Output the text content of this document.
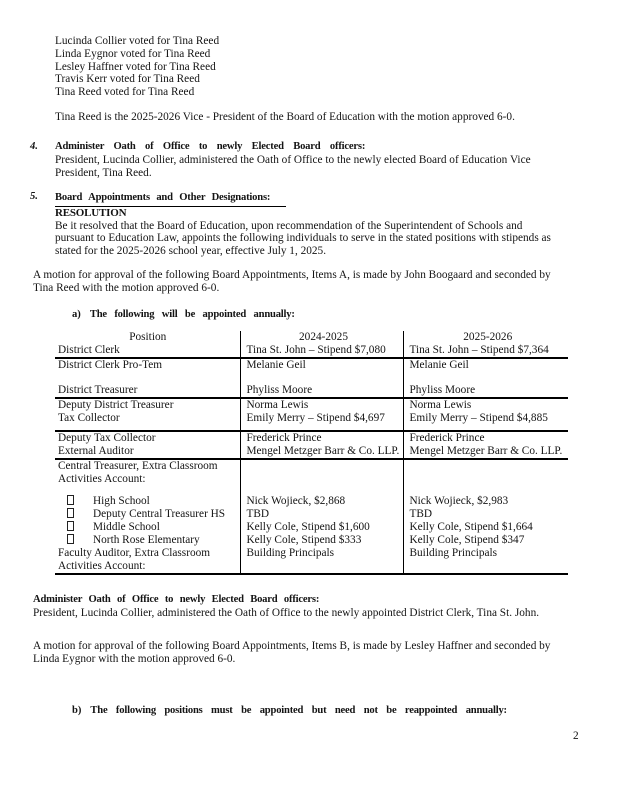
Lucinda Collier voted for Tina Reed
Linda Eygnor voted for Tina Reed
Lesley Haffner voted for Tina Reed
Travis Kerr voted for Tina Reed
Tina Reed voted for Tina Reed
Tina Reed is the 2025-2026 Vice - President of the Board of Education with the motion approved 6-0.
4. Administer Oath of Office to newly Elected Board officers:
President, Lucinda Collier, administered the Oath of Office to the newly elected Board of Education Vice
President, Tina Reed.
5. Board Appointments and Other Designations:
RESOLUTION
Be it resolved that the Board of Education, upon recommendation of the Superintendent of Schools and
pursuant to Education Law, appoints the following individuals to serve in the stated positions with stipends as
stated for the 2025-2026 school year, effective July 1, 2025.
A motion for approval of the following Board Appointments, Items A, is made by John Boogaard and seconded by
Tina Reed with the motion approved 6-0.
a) The following will be appointed annually:
Position	2024-2025	2025-2026
District Clerk	Tina St. John – Stipend $7,080	Tina St. John – Stipend $7,364
District Clerk Pro-Tem	Melanie Geil	Melanie Geil

District Treasurer	Phyliss Moore	Phyliss Moore
Deputy District Treasurer	Norma Lewis	Norma Lewis
Tax Collector	Emily Merry – Stipend $4,697	Emily Merry – Stipend $4,885

Deputy Tax Collector	Frederick Prince	Frederick Prince
External Auditor	Mengel Metzger Barr & Co. LLP.	Mengel Metzger Barr & Co. LLP.
Central Treasurer, Extra Classroom		
Activities Account:		

High School	Nick Wojieck, $2,868	Nick Wojieck, $2,983
Deputy Central Treasurer HS	TBD	TBD
Middle School	Kelly Cole, Stipend $1,600	Kelly Cole, Stipend $1,664
North Rose Elementary	Kelly Cole, Stipend $333	Kelly Cole, Stipend $347
Faculty Auditor, Extra Classroom	Building Principals	Building Principals
Activities Account:		
Administer Oath of Office to newly Elected Board officers:
President, Lucinda Collier, administered the Oath of Office to the newly appointed District Clerk, Tina St. John.
A motion for approval of the following Board Appointments, Items B, is made by Lesley Haffner and seconded by
Linda Eygnor with the motion approved 6-0.
b) The following positions must be appointed but need not be reappointed annually:
2
